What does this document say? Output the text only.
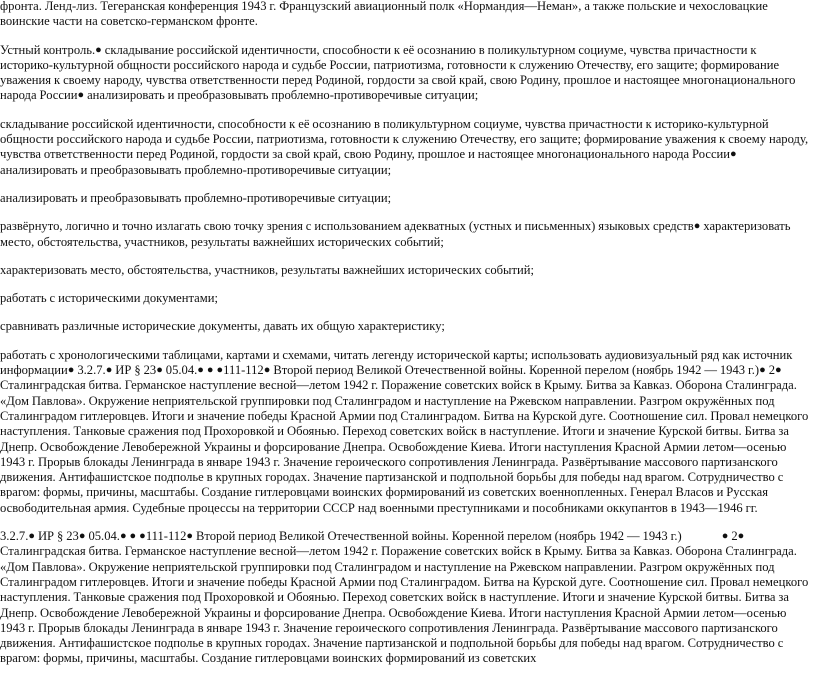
фронта. Ленд-лиз. Тегеранская конференция 1943 г. Французский авиационный полк «Нормандия—Неман», а также польские и чехословацкие воинские части на советско-германском фронте.

Устный контроль.● складывание российской идентичности, способности к её осознанию в поликультурном социуме, чувства причастности к историко-культурной общности российского народа и судьбе России, патриотизма, готовности к служению Отечеству, его защите; формирование уважения к своему народу, чувства ответственности перед Родиной, гордости за свой край, свою Родину, прошлое и настоящее многонационального народа России● анализировать и преобразовывать проблемно-противоречивые ситуации;

складывание российской идентичности, способности к её осознанию в поликультурном социуме, чувства причастности к историко-культурной общности российского народа и судьбе России, патриотизма, готовности к служению Отечеству, его защите; формирование уважения к своему народу, чувства ответственности перед Родиной, гордости за свой край, свою Родину, прошлое и настоящее многонационального народа России● анализировать и преобразовывать проблемно-противоречивые ситуации;

анализировать и преобразовывать проблемно-противоречивые ситуации;

развёрнуто, логично и точно излагать свою точку зрения с использованием адекватных (устных и письменных) языковых средств● характеризовать место, обстоятельства, участников, результаты важнейших исторических событий;

характеризовать место, обстоятельства, участников, результаты важнейших исторических событий;

работать с историческими документами;

сравнивать различные исторические документы, давать их общую характеристику;

работать с хронологическими таблицами, картами и схемами, читать легенду исторической карты; использовать аудиовизуальный ряд как источник информации● 3.2.7.● ИР § 23● 05.04.● ● ●111-112● Второй период Великой Отечественной войны. Коренной перелом (ноябрь 1942 — 1943 г.)● 2● Сталинградская битва. Германское наступление весной—летом 1942 г. Поражение советских войск в Крыму. Битва за Кавказ. Оборона Сталинграда. «Дом Павлова». Окружение неприятельской группировки под Сталинградом и наступление на Ржевском направлении. Разгром окружённых под Сталинградом гитлеровцев. Итоги и значение победы Красной Армии под Сталинградом. Битва на Курской дуге. Соотношение сил. Провал немецкого наступления. Танковые сражения под Прохоровкой и Обоянью. Переход советских войск в наступление. Итоги и значение Курской битвы. Битва за Днепр. Освобождение Левобережной Украины и форсирование Днепра. Освобождение Киева. Итоги наступления Красной Армии летом—осенью 1943 г. Прорыв блокады Ленинграда в январе 1943 г. Значение героического сопротивления Ленинграда. Развёртывание массового партизанского движения. Антифашистское подполье в крупных городах. Значение партизанской и подпольной борьбы для победы над врагом. Сотрудничество с врагом: формы, причины, масштабы. Создание гитлеровцами воинских формирований из советских военнопленных. Генерал Власов и Русская освободительная армия. Судебные процессы на территории СССР над военными преступниками и пособниками оккупантов в 1943—1946 гг.

3.2.7.● ИР § 23● 05.04.● ● ●111-112● Второй период Великой Отечественной войны. Коренной перелом (ноябрь 1942 — 1943 г.)	● 2● Сталинградская битва. Германское наступление весной—летом 1942 г. Поражение советских войск в Крыму. Битва за Кавказ. Оборона Сталинграда. «Дом Павлова». Окружение неприятельской группировки под Сталинградом и наступление на Ржевском направлении. Разгром окружённых под Сталинградом гитлеровцев. Итоги и значение победы Красной Армии под Сталинградом. Битва на Курской дуге. Соотношение сил. Провал немецкого наступления. Танковые сражения под Прохоровкой и Обоянью. Переход советских войск в наступление. Итоги и значение Курской битвы. Битва за Днепр. Освобождение Левобережной Украины и форсирование Днепра. Освобождение Киева. Итоги наступления Красной Армии летом—осенью 1943 г. Прорыв блокады Ленинграда в январе 1943 г. Значение героического сопротивления Ленинграда. Развёртывание массового партизанского движения. Антифашистское подполье в крупных городах. Значение партизанской и подпольной борьбы для победы над врагом. Сотрудничество с врагом: формы, причины, масштабы. Создание гитлеровцами воинских формирований из советских
